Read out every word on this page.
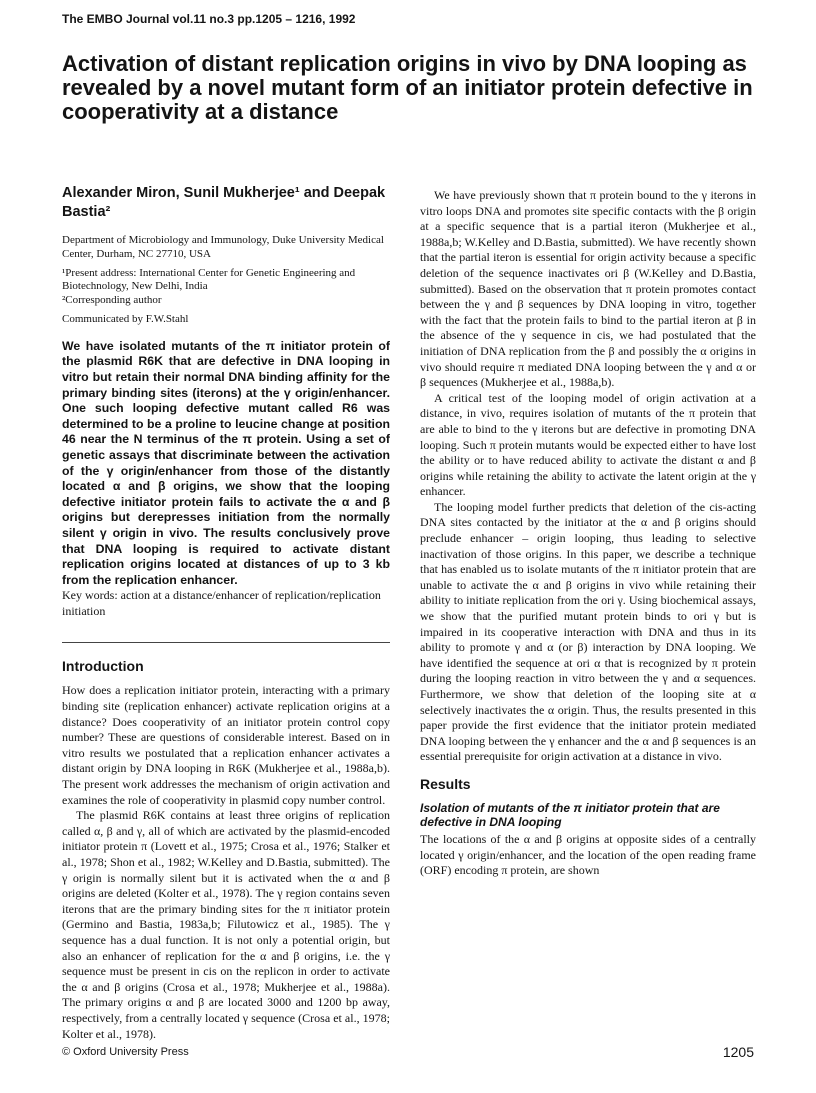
The EMBO Journal vol.11 no.3 pp.1205 – 1216, 1992
Activation of distant replication origins in vivo by DNA looping as revealed by a novel mutant form of an initiator protein defective in cooperativity at a distance

Alexander Miron, Sunil Mukherjee¹ and Deepak Bastia²

Department of Microbiology and Immunology, Duke University Medical Center, Durham, NC 27710, USA

¹Present address: International Center for Genetic Engineering and Biotechnology, New Delhi, India

²Corresponding author

Communicated by F.W.Stahl

We have isolated mutants of the π initiator protein of the plasmid R6K that are defective in DNA looping in vitro but retain their normal DNA binding affinity for the primary binding sites (iterons) at the γ origin/enhancer. One such looping defective mutant called R6 was determined to be a proline to leucine change at position 46 near the N terminus of the π protein. Using a set of genetic assays that discriminate between the activation of the γ origin/enhancer from those of the distantly located α and β origins, we show that the looping defective initiator protein fails to activate the α and β origins but derepresses initiation from the normally silent γ origin in vivo. The results conclusively prove that DNA looping is required to activate distant replication origins located at distances of up to 3 kb from the replication enhancer.

Key words: action at a distance/enhancer of replication/replication initiation

Introduction

How does a replication initiator protein, interacting with a primary binding site (replication enhancer) activate replication origins at a distance? Does cooperativity of an initiator protein control copy number? These are questions of considerable interest. Based on in vitro results we postulated that a replication enhancer activates a distant origin by DNA looping in R6K (Mukherjee et al., 1988a,b). The present work addresses the mechanism of origin activation and examines the role of cooperativity in plasmid copy number control.

The plasmid R6K contains at least three origins of replication called α, β and γ, all of which are activated by the plasmid-encoded initiator protein π (Lovett et al., 1975; Crosa et al., 1976; Stalker et al., 1978; Shon et al., 1982; W.Kelley and D.Bastia, submitted). The γ origin is normally silent but it is activated when the α and β origins are deleted (Kolter et al., 1978). The γ region contains seven iterons that are the primary binding sites for the π initiator protein (Germino and Bastia, 1983a,b; Filutowicz et al., 1985). The γ sequence has a dual function. It is not only a potential origin, but also an enhancer of replication for the α and β origins, i.e. the γ sequence must be present in cis on the replicon in order to activate the α and β origins (Crosa et al., 1978; Mukherjee et al., 1988a). The primary origins α and β are located 3000 and 1200 bp away, respectively, from a centrally located γ sequence (Crosa et al., 1978; Kolter et al., 1978).

We have previously shown that π protein bound to the γ iterons in vitro loops DNA and promotes site specific contacts with the β origin at a specific sequence that is a partial iteron (Mukherjee et al., 1988a,b; W.Kelley and D.Bastia, submitted). We have recently shown that the partial iteron is essential for origin activity because a specific deletion of the sequence inactivates ori β (W.Kelley and D.Bastia, submitted). Based on the observation that π protein promotes contact between the γ and β sequences by DNA looping in vitro, together with the fact that the protein fails to bind to the partial iteron at β in the absence of the γ sequence in cis, we had postulated that the initiation of DNA replication from the β and possibly the α origins in vivo should require π mediated DNA looping between the γ and α or β sequences (Mukherjee et al., 1988a,b).

A critical test of the looping model of origin activation at a distance, in vivo, requires isolation of mutants of the π protein that are able to bind to the γ iterons but are defective in promoting DNA looping. Such π protein mutants would be expected either to have lost the ability or to have reduced ability to activate the distant α and β origins while retaining the ability to activate the latent origin at the γ enhancer.

The looping model further predicts that deletion of the cis-acting DNA sites contacted by the initiator at the α and β origins should preclude enhancer – origin looping, thus leading to selective inactivation of those origins. In this paper, we describe a technique that has enabled us to isolate mutants of the π initiator protein that are unable to activate the α and β origins in vivo while retaining their ability to initiate replication from the ori γ. Using biochemical assays, we show that the purified mutant protein binds to ori γ but is impaired in its cooperative interaction with DNA and thus in its ability to promote γ and α (or β) interaction by DNA looping. We have identified the sequence at ori α that is recognized by π protein during the looping reaction in vitro between the γ and α sequences. Furthermore, we show that deletion of the looping site at α selectively inactivates the α origin. Thus, the results presented in this paper provide the first evidence that the initiator protein mediated DNA looping between the γ enhancer and the α and β sequences is an essential prerequisite for origin activation at a distance in vivo.

Results
Isolation of mutants of the π initiator protein that are defective in DNA looping

The locations of the α and β origins at opposite sides of a centrally located γ origin/enhancer, and the location of the open reading frame (ORF) encoding π protein, are shown

© Oxford University Press	1205
